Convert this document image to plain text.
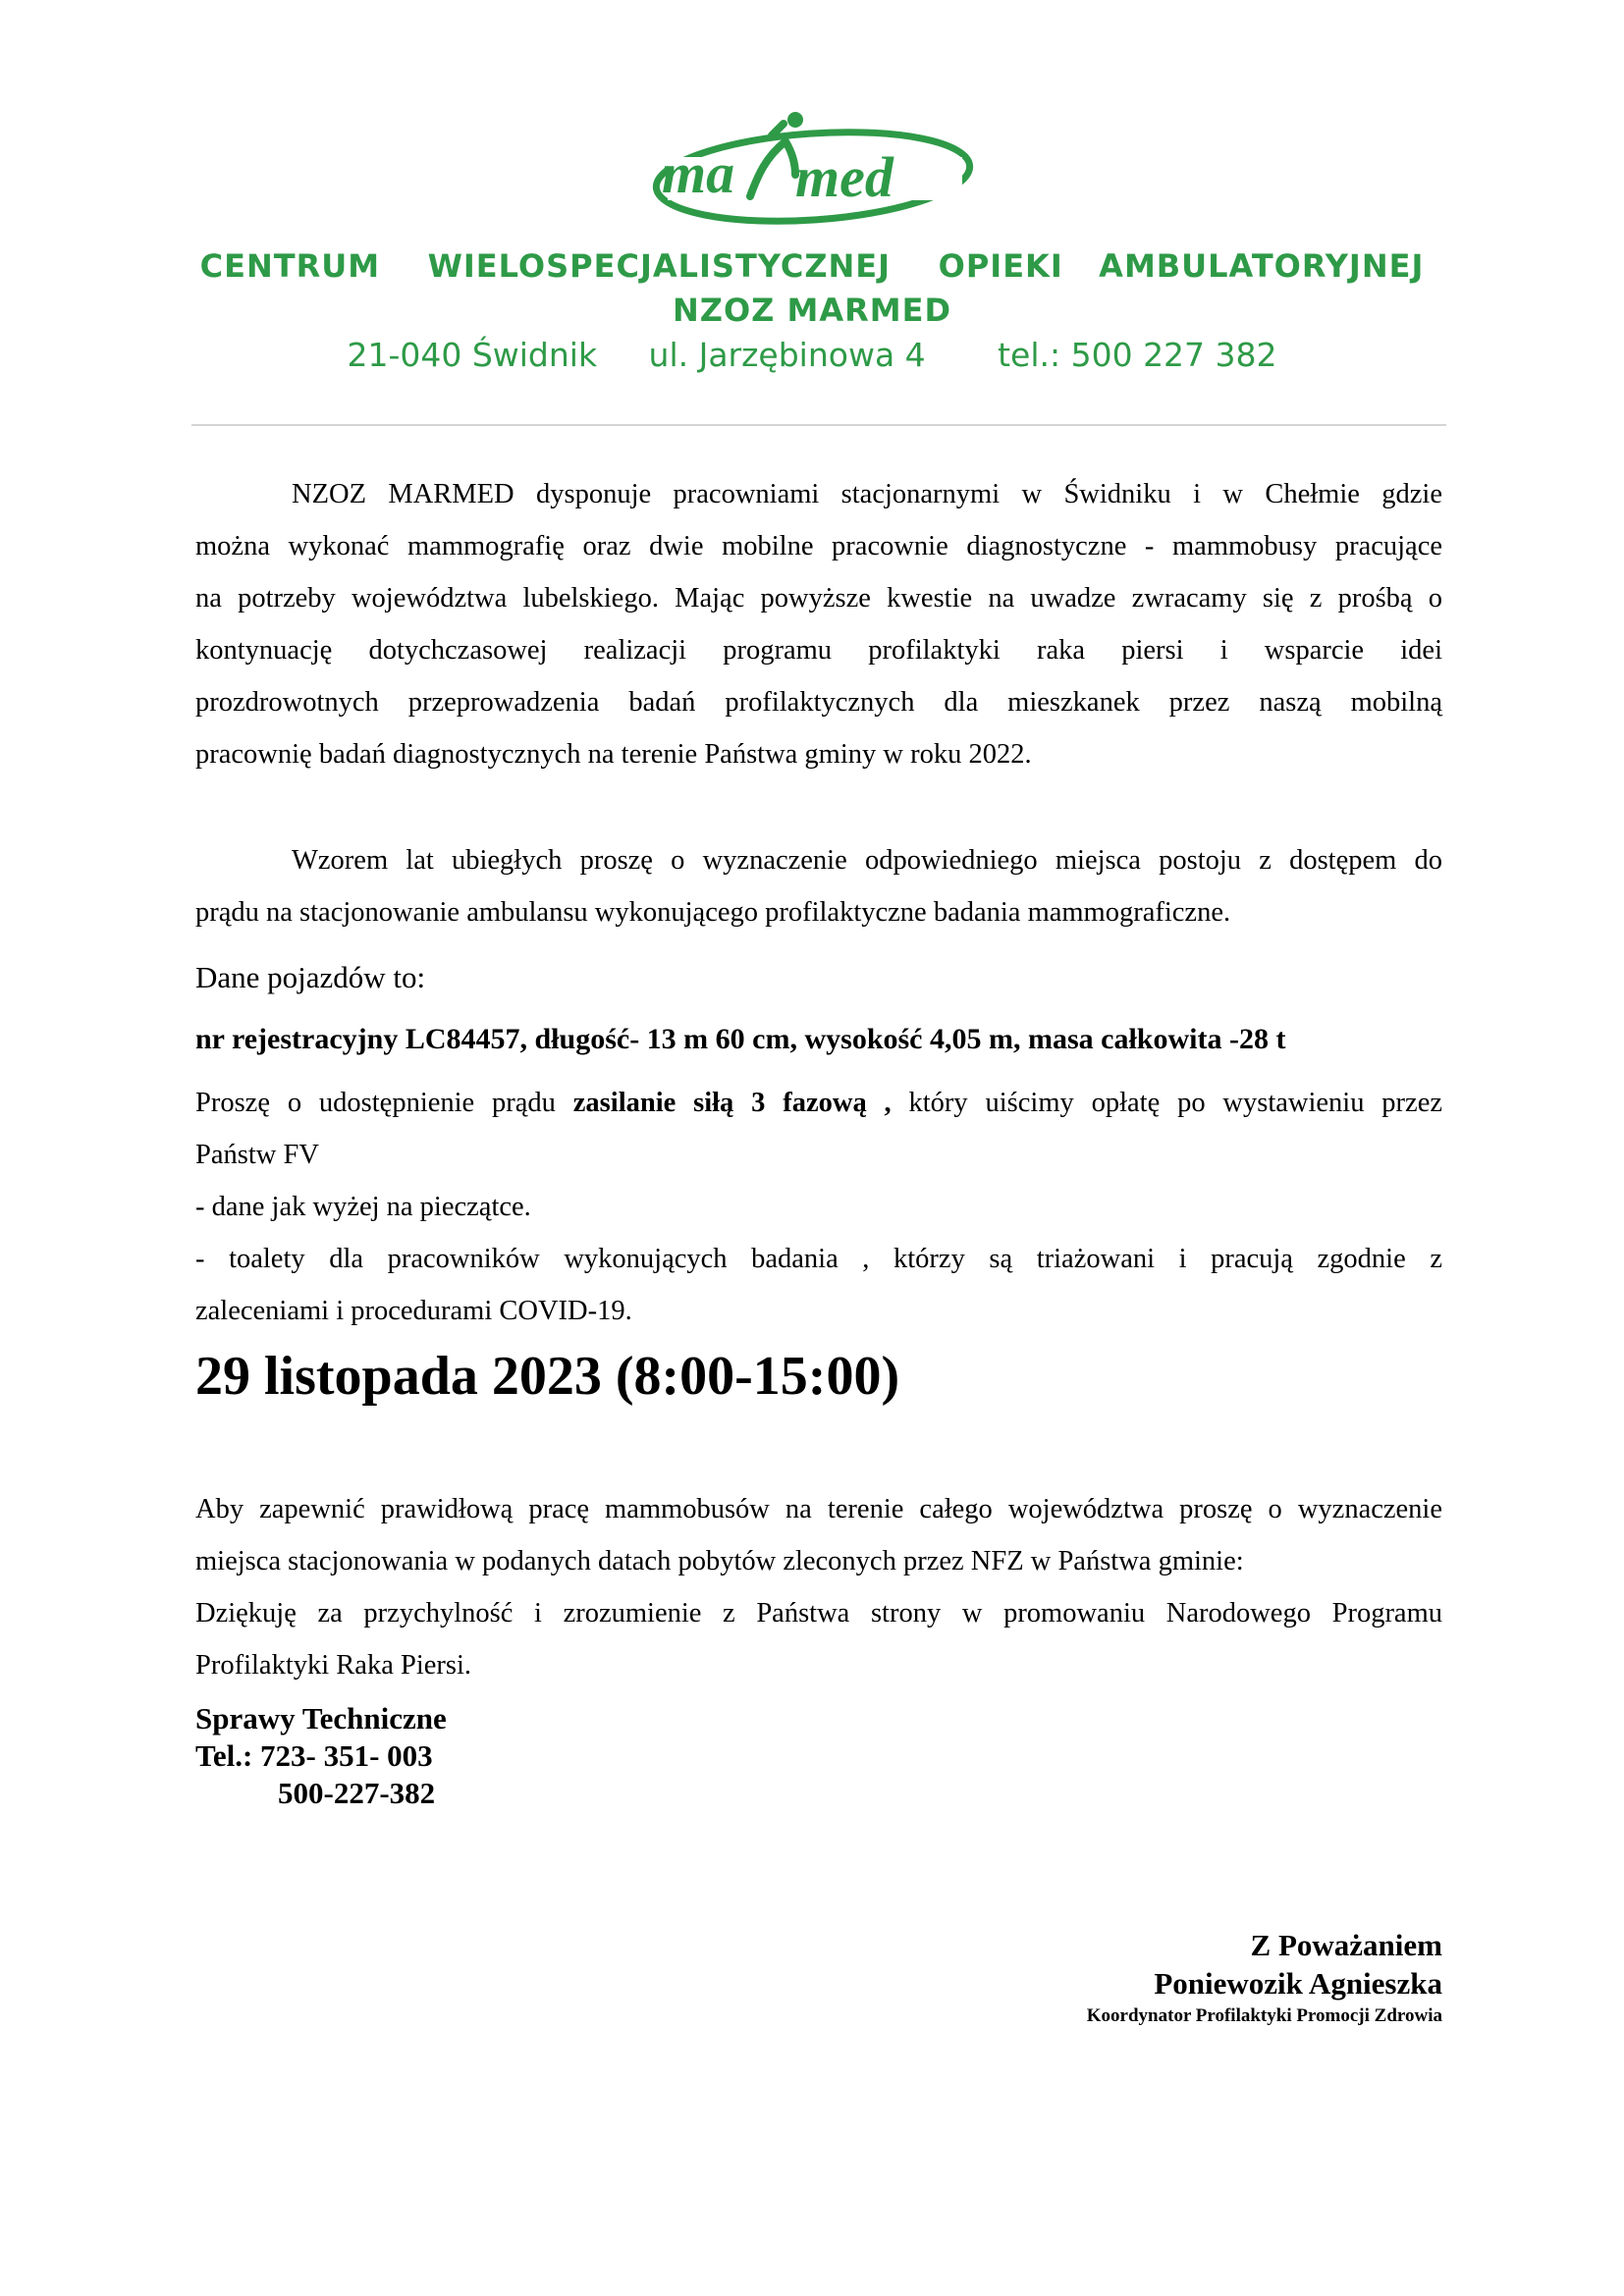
ma med
CENTRUM    WIELOSPECJALISTYCZNEJ    OPIEKI   AMBULATORYJNEJ
NZOZ MARMED
21-040 Świdnik     ul. Jarzębinowa 4       tel.: 500 227 382
NZOZ MARMED dysponuje pracowniami stacjonarnymi w Świdniku i w Chełmie gdzie
można wykonać mammografię oraz dwie mobilne pracownie diagnostyczne - mammobusy pracujące
na potrzeby województwa lubelskiego. Mając powyższe kwestie na uwadze zwracamy się z prośbą o
kontynuację dotychczasowej realizacji programu profilaktyki raka piersi i wsparcie idei
prozdrowotnych przeprowadzenia badań profilaktycznych dla mieszkanek przez naszą mobilną
pracownię badań diagnostycznych na terenie Państwa gminy w roku 2022.
Wzorem lat ubiegłych proszę o wyznaczenie odpowiedniego miejsca postoju z dostępem do
prądu na stacjonowanie ambulansu wykonującego profilaktyczne badania mammograficzne.
Dane pojazdów to:
nr rejestracyjny LC84457, długość- 13 m 60 cm, wysokość 4,05 m, masa całkowita -28 t
Proszę o udostępnienie prądu zasilanie siłą 3 fazową , który uiścimy opłatę po wystawieniu przez
Państw FV
- dane jak wyżej na pieczątce.
- toalety dla pracowników wykonujących badania , którzy są triażowani i pracują zgodnie z
zaleceniami i procedurami COVID-19.
29 listopada 2023 (8:00-15:00)
Aby zapewnić prawidłową pracę mammobusów na terenie całego województwa proszę o wyznaczenie
miejsca stacjonowania w podanych datach pobytów zleconych przez NFZ w Państwa gminie:
Dziękuję za przychylność i zrozumienie z Państwa strony w promowaniu Narodowego Programu
Profilaktyki Raka Piersi.
Sprawy Techniczne
Tel.: 723- 351- 003
500-227-382
Z Poważaniem
Poniewozik Agnieszka
Koordynator Profilaktyki Promocji Zdrowia
